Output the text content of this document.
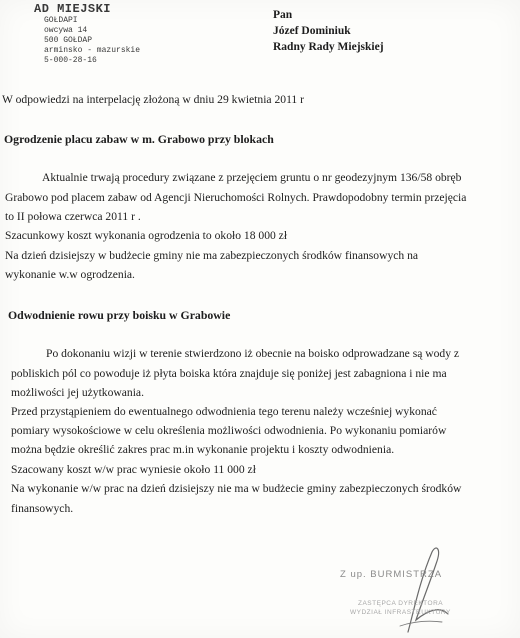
AD MIEJSKI
GOŁDAPI
owcywa 14
500 GOŁDAP
arminsko - mazurskie
5-000-28-16
Pan
Józef Dominiuk
Radny Rady Miejskiej
W odpowiedzi na interpelację złożoną w dniu 29 kwietnia 2011 r
Ogrodzenie placu zabaw w m. Grabowo przy blokach
Aktualnie trwają procedury związane z przejęciem gruntu o nr geodezyjnym 136/58 obręb
Grabowo pod placem zabaw od Agencji Nieruchomości Rolnych. Prawdopodobny termin przejęcia
to II połowa czerwca 2011 r .
Szacunkowy koszt wykonania ogrodzenia to około 18 000 zł
Na dzień dzisiejszy w budżecie gminy nie ma zabezpieczonych środków finansowych na
wykonanie w.w ogrodzenia.
Odwodnienie rowu przy boisku w Grabowie
Po dokonaniu wizji w terenie stwierdzono iż obecnie na boisko odprowadzane są wody z
pobliskich pól co powoduje iż płyta boiska która znajduje się poniżej jest zabagniona i nie ma
możliwości jej użytkowania.
Przed przystąpieniem do ewentualnego odwodnienia tego terenu należy wcześniej wykonać
pomiary wysokościowe w celu określenia możliwości odwodnienia. Po wykonaniu pomiarów
można będzie określić zakres prac m.in wykonanie projektu i koszty odwodnienia.
Szacowany koszt w/w prac wyniesie około 11 000 zł
Na wykonanie w/w prac na dzień dzisiejszy nie ma w budżecie gminy zabezpieczonych środków
finansowych.
Z up. BURMISTRZA
ZASTĘPCA DYREKTORA
WYDZIAŁ INFRASTRUKTURY
